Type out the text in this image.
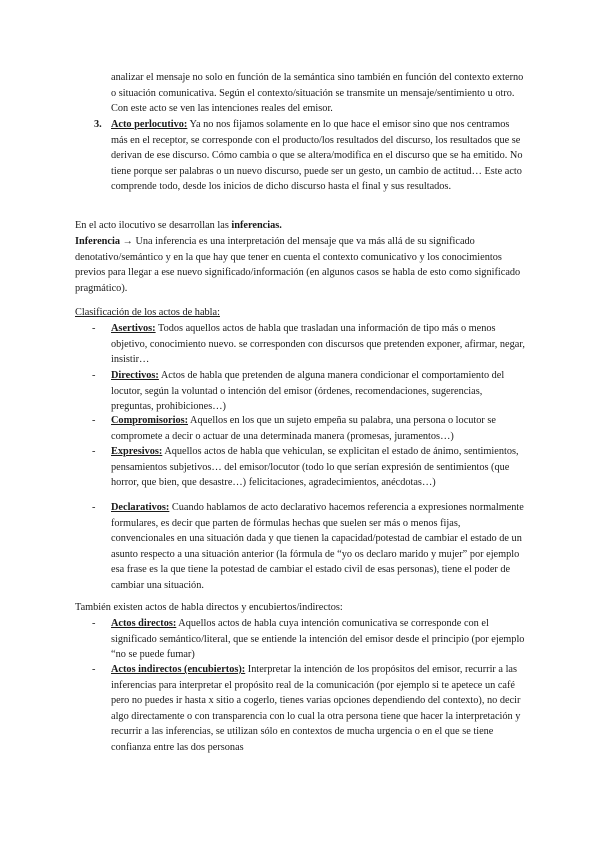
analizar el mensaje no solo en función de la semántica sino también en función del contexto externo o situación comunicativa. Según el contexto/situación se transmite un mensaje/sentimiento u otro. Con este acto se ven las intenciones reales del emisor.

3. Acto perlocutivo: Ya no nos fijamos solamente en lo que hace el emisor sino que nos centramos más en el receptor, se corresponde con el producto/los resultados del discurso, los resultados que se derivan de ese discurso. Cómo cambia o que se altera/modifica en el discurso que se ha emitido. No tiene porque ser palabras o un nuevo discurso, puede ser un gesto, un cambio de actitud… Este acto comprende todo, desde los inicios de dicho discurso hasta el final y sus resultados.

En el acto ilocutivo se desarrollan las inferencias.

Inferencia → Una inferencia es una interpretación del mensaje que va más allá de su significado denotativo/semántico y en la que hay que tener en cuenta el contexto comunicativo y los conocimientos previos para llegar a ese nuevo significado/información (en algunos casos se habla de esto como significado pragmático).

Clasificación de los actos de habla:

-	Asertivos: Todos aquellos actos de habla que trasladan una información de tipo más o menos objetivo, conocimiento nuevo. se corresponden con discursos que pretenden exponer, afirmar, negar, insistir…

-	Directivos: Actos de habla que pretenden de alguna manera condicionar el comportamiento del locutor, según la voluntad o intención del emisor (órdenes, recomendaciones, sugerencias, preguntas, prohibiciones…)

-	Compromisorios: Aquellos en los que un sujeto empeña su palabra, una persona o locutor se compromete a decir o actuar de una determinada manera (promesas, juramentos…)

-	Expresivos: Aquellos actos de habla que vehiculan, se explicitan el estado de ánimo, sentimientos, pensamientos subjetivos… del emisor/locutor (todo lo que serían expresión de sentimientos (que horror, que bien, que desastre…) felicitaciones, agradecimientos, anécdotas…)

-	Declarativos: Cuando hablamos de acto declarativo hacemos referencia a expresiones normalmente formulares, es decir que parten de fórmulas hechas que suelen ser más o menos fijas, convencionales en una situación dada y que tienen la capacidad/potestad de cambiar el estado de un asunto respecto a una situación anterior (la fórmula de “yo os declaro marido y mujer” por ejemplo esa frase es la que tiene la potestad de cambiar el estado civil de esas personas), tiene el poder de cambiar una situación.

También existen actos de habla directos y encubiertos/indirectos:

-	Actos directos: Aquellos actos de habla cuya intención comunicativa se corresponde con el significado semántico/literal, que se entiende la intención del emisor desde el principio (por ejemplo “no se puede fumar)

-	Actos indirectos (encubiertos): Interpretar la intención de los propósitos del emisor, recurrir a las inferencias para interpretar el propósito real de la comunicación (por ejemplo si te apetece un café pero no puedes ir hasta x sitio a cogerlo, tienes varias opciones dependiendo del contexto), no decir algo directamente o con transparencia con lo cual la otra persona tiene que hacer la interpretación y recurrir a las inferencias, se utilizan sólo en contextos de mucha urgencia o en el que se tiene confianza entre las dos personas
